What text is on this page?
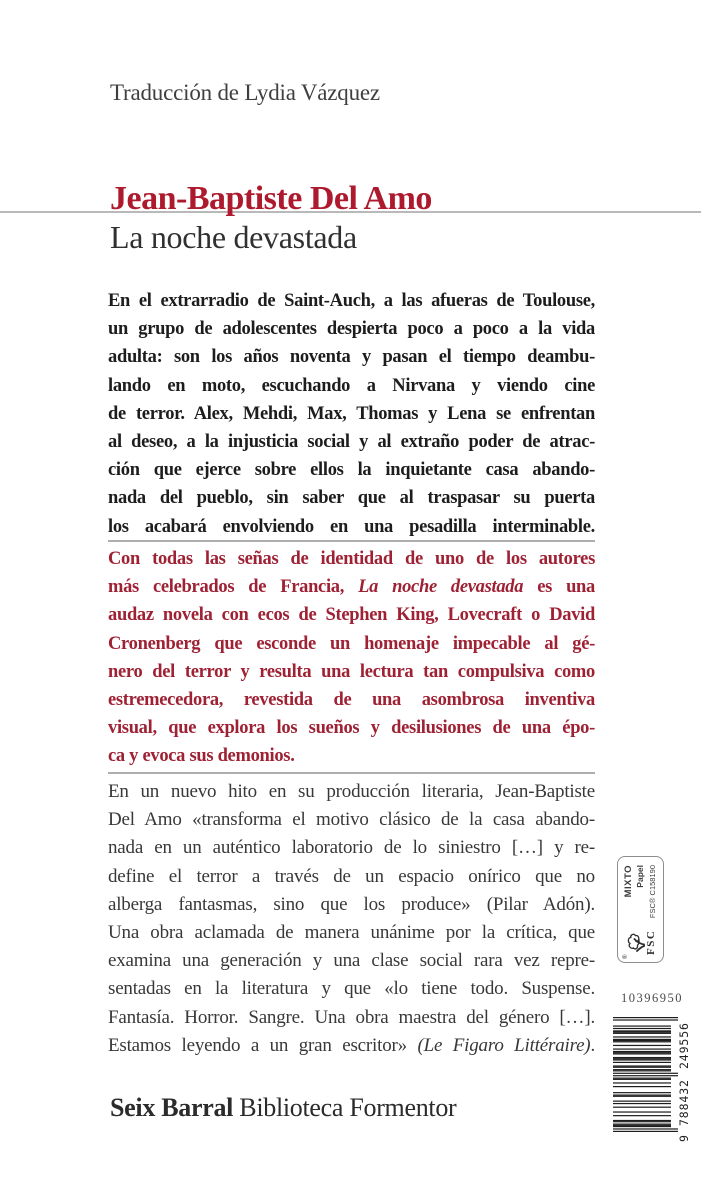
Traducción de Lydia Vázquez
Jean-Baptiste Del Amo
La noche devastada
En el extrarradio de Saint-Auch, a las afueras de Toulouse,
un grupo de adolescentes despierta poco a poco a la vida
adulta: son los años noventa y pasan el tiempo deambu-
lando en moto, escuchando a Nirvana y viendo cine
de terror. Alex, Mehdi, Max, Thomas y Lena se enfrentan
al deseo, a la injusticia social y al extraño poder de atrac-
ción que ejerce sobre ellos la inquietante casa abando-
nada del pueblo, sin saber que al traspasar su puerta
los acabará envolviendo en una pesadilla interminable.
Con todas las señas de identidad de uno de los autores
más celebrados de Francia, La noche devastada es una
audaz novela con ecos de Stephen King, Lovecraft o David
Cronenberg que esconde un homenaje impecable al gé-
nero del terror y resulta una lectura tan compulsiva como
estremecedora, revestida de una asombrosa inventiva
visual, que explora los sueños y desilusiones de una épo-
ca y evoca sus demonios.
En un nuevo hito en su producción literaria, Jean-Baptiste
Del Amo «transforma el motivo clásico de la casa abando-
nada en un auténtico laboratorio de lo siniestro […] y re-
define el terror a través de un espacio onírico que no
alberga fantasmas, sino que los produce» (Pilar Adón).
Una obra aclamada de manera unánime por la crítica, que
examina una generación y una clase social rara vez repre-
sentadas en la literatura y que «lo tiene todo. Suspense.
Fantasía. Horror. Sangre. Una obra maestra del género […].
Estamos leyendo a un gran escritor» (Le Figaro Littéraire).
Seix Barral Biblioteca Formentor
®
FSC
MIXTO Papel FSC® C158190
10396950
9
788432
249556
